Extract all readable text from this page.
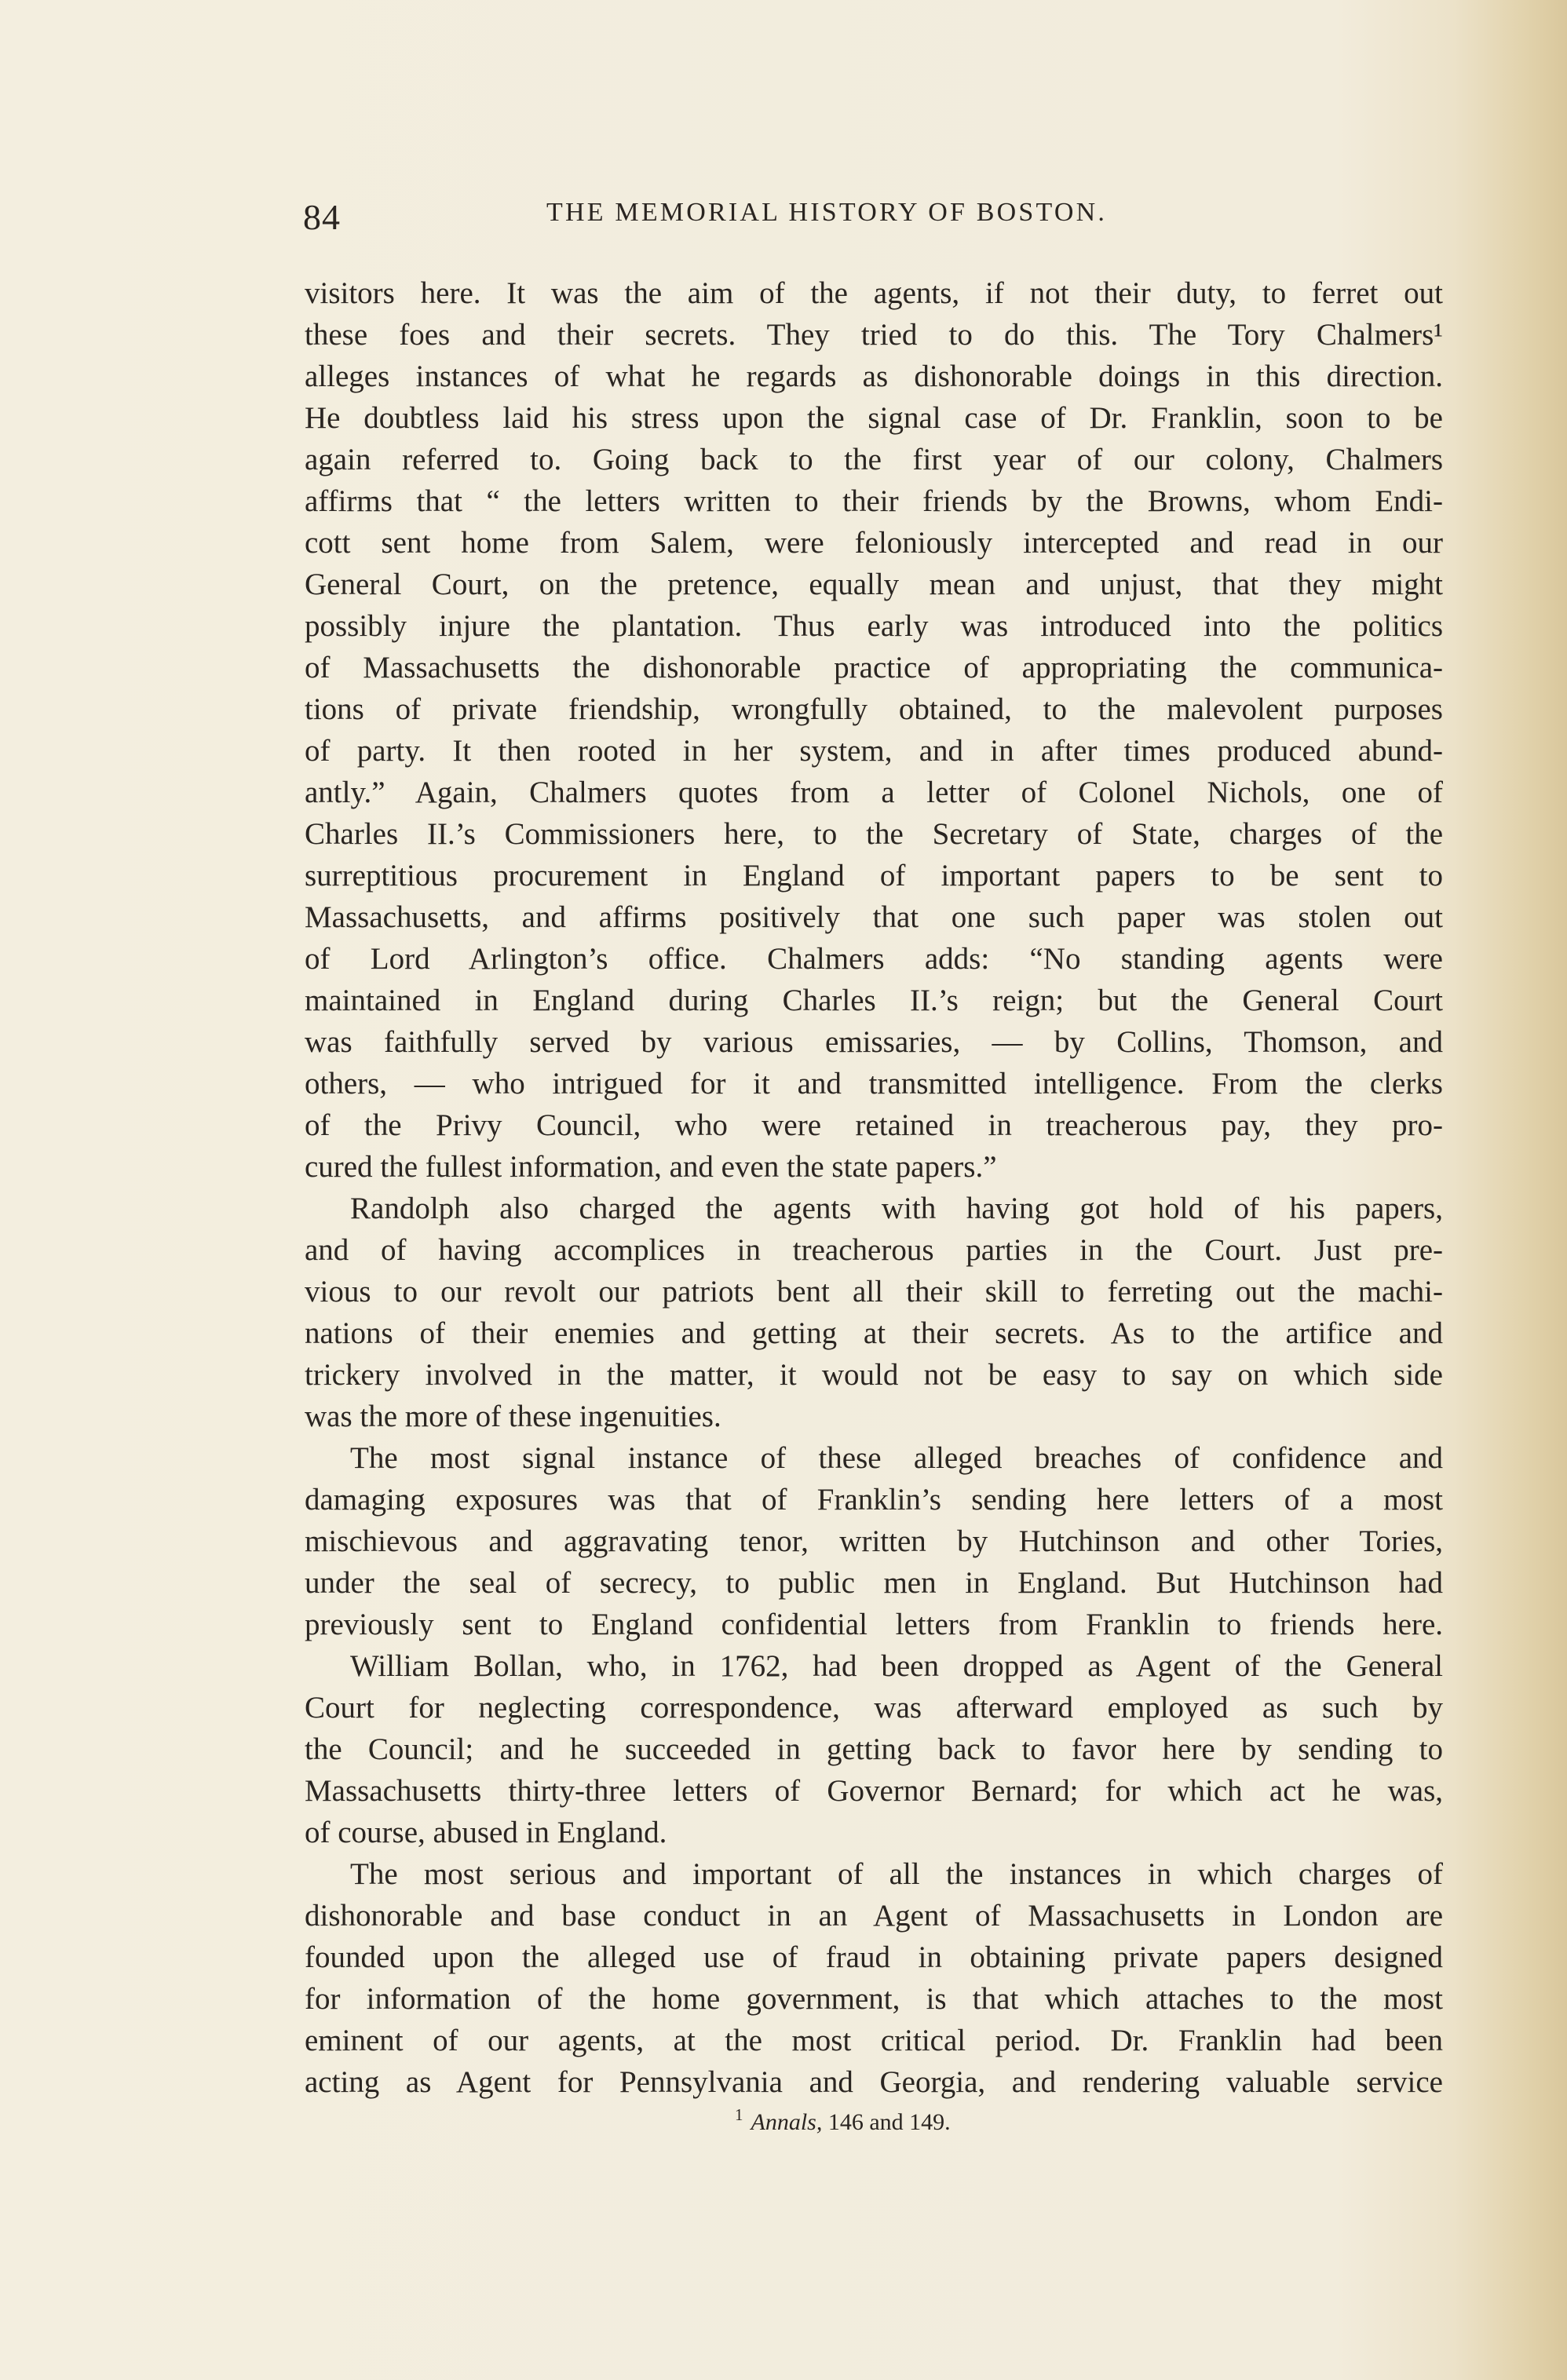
84	THE MEMORIAL HISTORY OF BOSTON.
visitors here. It was the aim of the agents, if not their duty, to ferret out
these foes and their secrets. They tried to do this. The Tory Chalmers¹
alleges instances of what he regards as dishonorable doings in this direction.
He doubtless laid his stress upon the signal case of Dr. Franklin, soon to be
again referred to. Going back to the first year of our colony, Chalmers
affirms that “ the letters written to their friends by the Browns, whom Endi-
cott sent home from Salem, were feloniously intercepted and read in our
General Court, on the pretence, equally mean and unjust, that they might
possibly injure the plantation. Thus early was introduced into the politics
of Massachusetts the dishonorable practice of appropriating the communica-
tions of private friendship, wrongfully obtained, to the malevolent purposes
of party. It then rooted in her system, and in after times produced abund-
antly.” Again, Chalmers quotes from a letter of Colonel Nichols, one of
Charles II.’s Commissioners here, to the Secretary of State, charges of the
surreptitious procurement in England of important papers to be sent to
Massachusetts, and affirms positively that one such paper was stolen out
of Lord Arlington’s office. Chalmers adds: “No standing agents were
maintained in England during Charles II.’s reign; but the General Court
was faithfully served by various emissaries, — by Collins, Thomson, and
others, — who intrigued for it and transmitted intelligence. From the clerks
of the Privy Council, who were retained in treacherous pay, they pro-
cured the fullest information, and even the state papers.”
Randolph also charged the agents with having got hold of his papers,
and of having accomplices in treacherous parties in the Court. Just pre-
vious to our revolt our patriots bent all their skill to ferreting out the machi-
nations of their enemies and getting at their secrets. As to the artifice and
trickery involved in the matter, it would not be easy to say on which side
was the more of these ingenuities.
The most signal instance of these alleged breaches of confidence and
damaging exposures was that of Franklin’s sending here letters of a most
mischievous and aggravating tenor, written by Hutchinson and other Tories,
under the seal of secrecy, to public men in England. But Hutchinson had
previously sent to England confidential letters from Franklin to friends here.
William Bollan, who, in 1762, had been dropped as Agent of the General
Court for neglecting correspondence, was afterward employed as such by
the Council; and he succeeded in getting back to favor here by sending to
Massachusetts thirty-three letters of Governor Bernard; for which act he was,
of course, abused in England.
The most serious and important of all the instances in which charges of
dishonorable and base conduct in an Agent of Massachusetts in London are
founded upon the alleged use of fraud in obtaining private papers designed
for information of the home government, is that which attaches to the most
eminent of our agents, at the most critical period. Dr. Franklin had been
acting as Agent for Pennsylvania and Georgia, and rendering valuable service
$^1$ Annals, 146 and 149.
